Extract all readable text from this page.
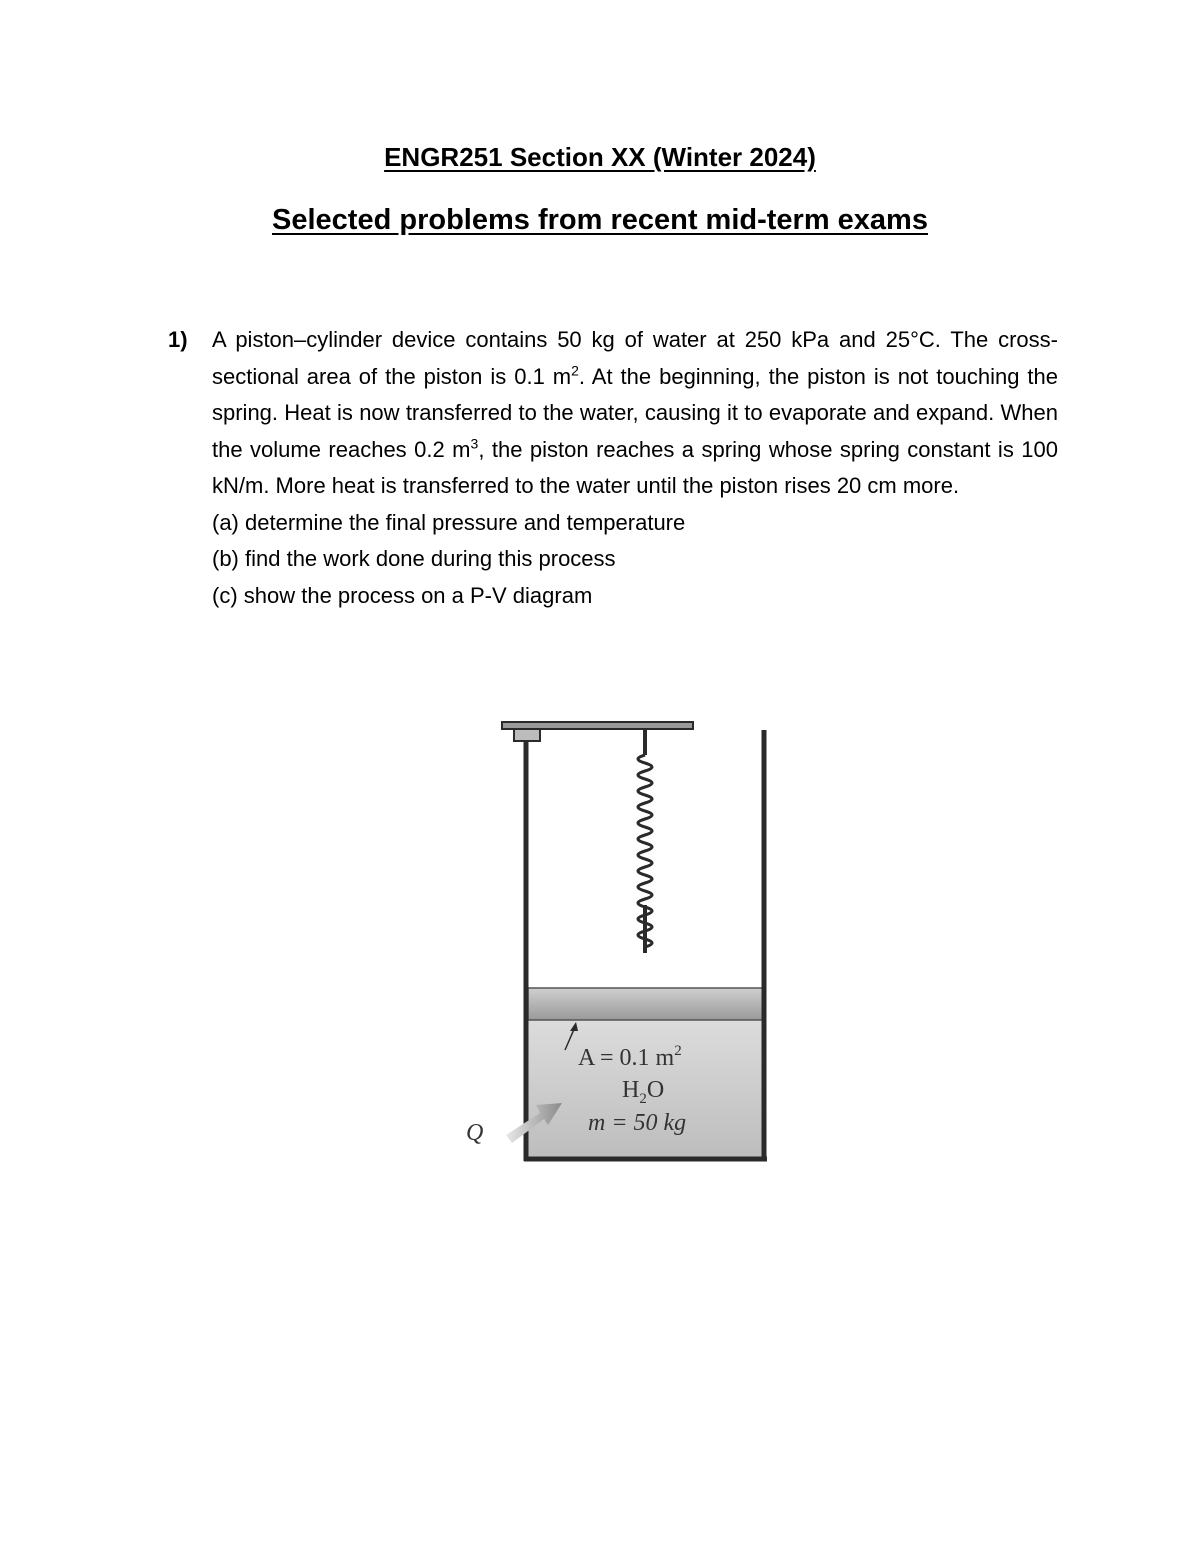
ENGR251 Section XX (Winter 2024)
Selected problems from recent mid-term exams
1) A piston–cylinder device contains 50 kg of water at 250 kPa and 25°C. The cross-sectional area of the piston is 0.1 $m^2$. At the beginning, the piston is not touching the spring. Heat is now transferred to the water, causing it to evaporate and expand. When the volume reaches 0.2 $m^3$, the piston reaches a spring whose spring constant is 100 kN/m. More heat is transferred to the water until the piston rises 20 cm more.
(a) determine the final pressure and temperature
(b) find the work done during this process
(c) show the process on a P-V diagram
A = 0.1 $m^2$
$H_2O$
m = 50 kg
Q
